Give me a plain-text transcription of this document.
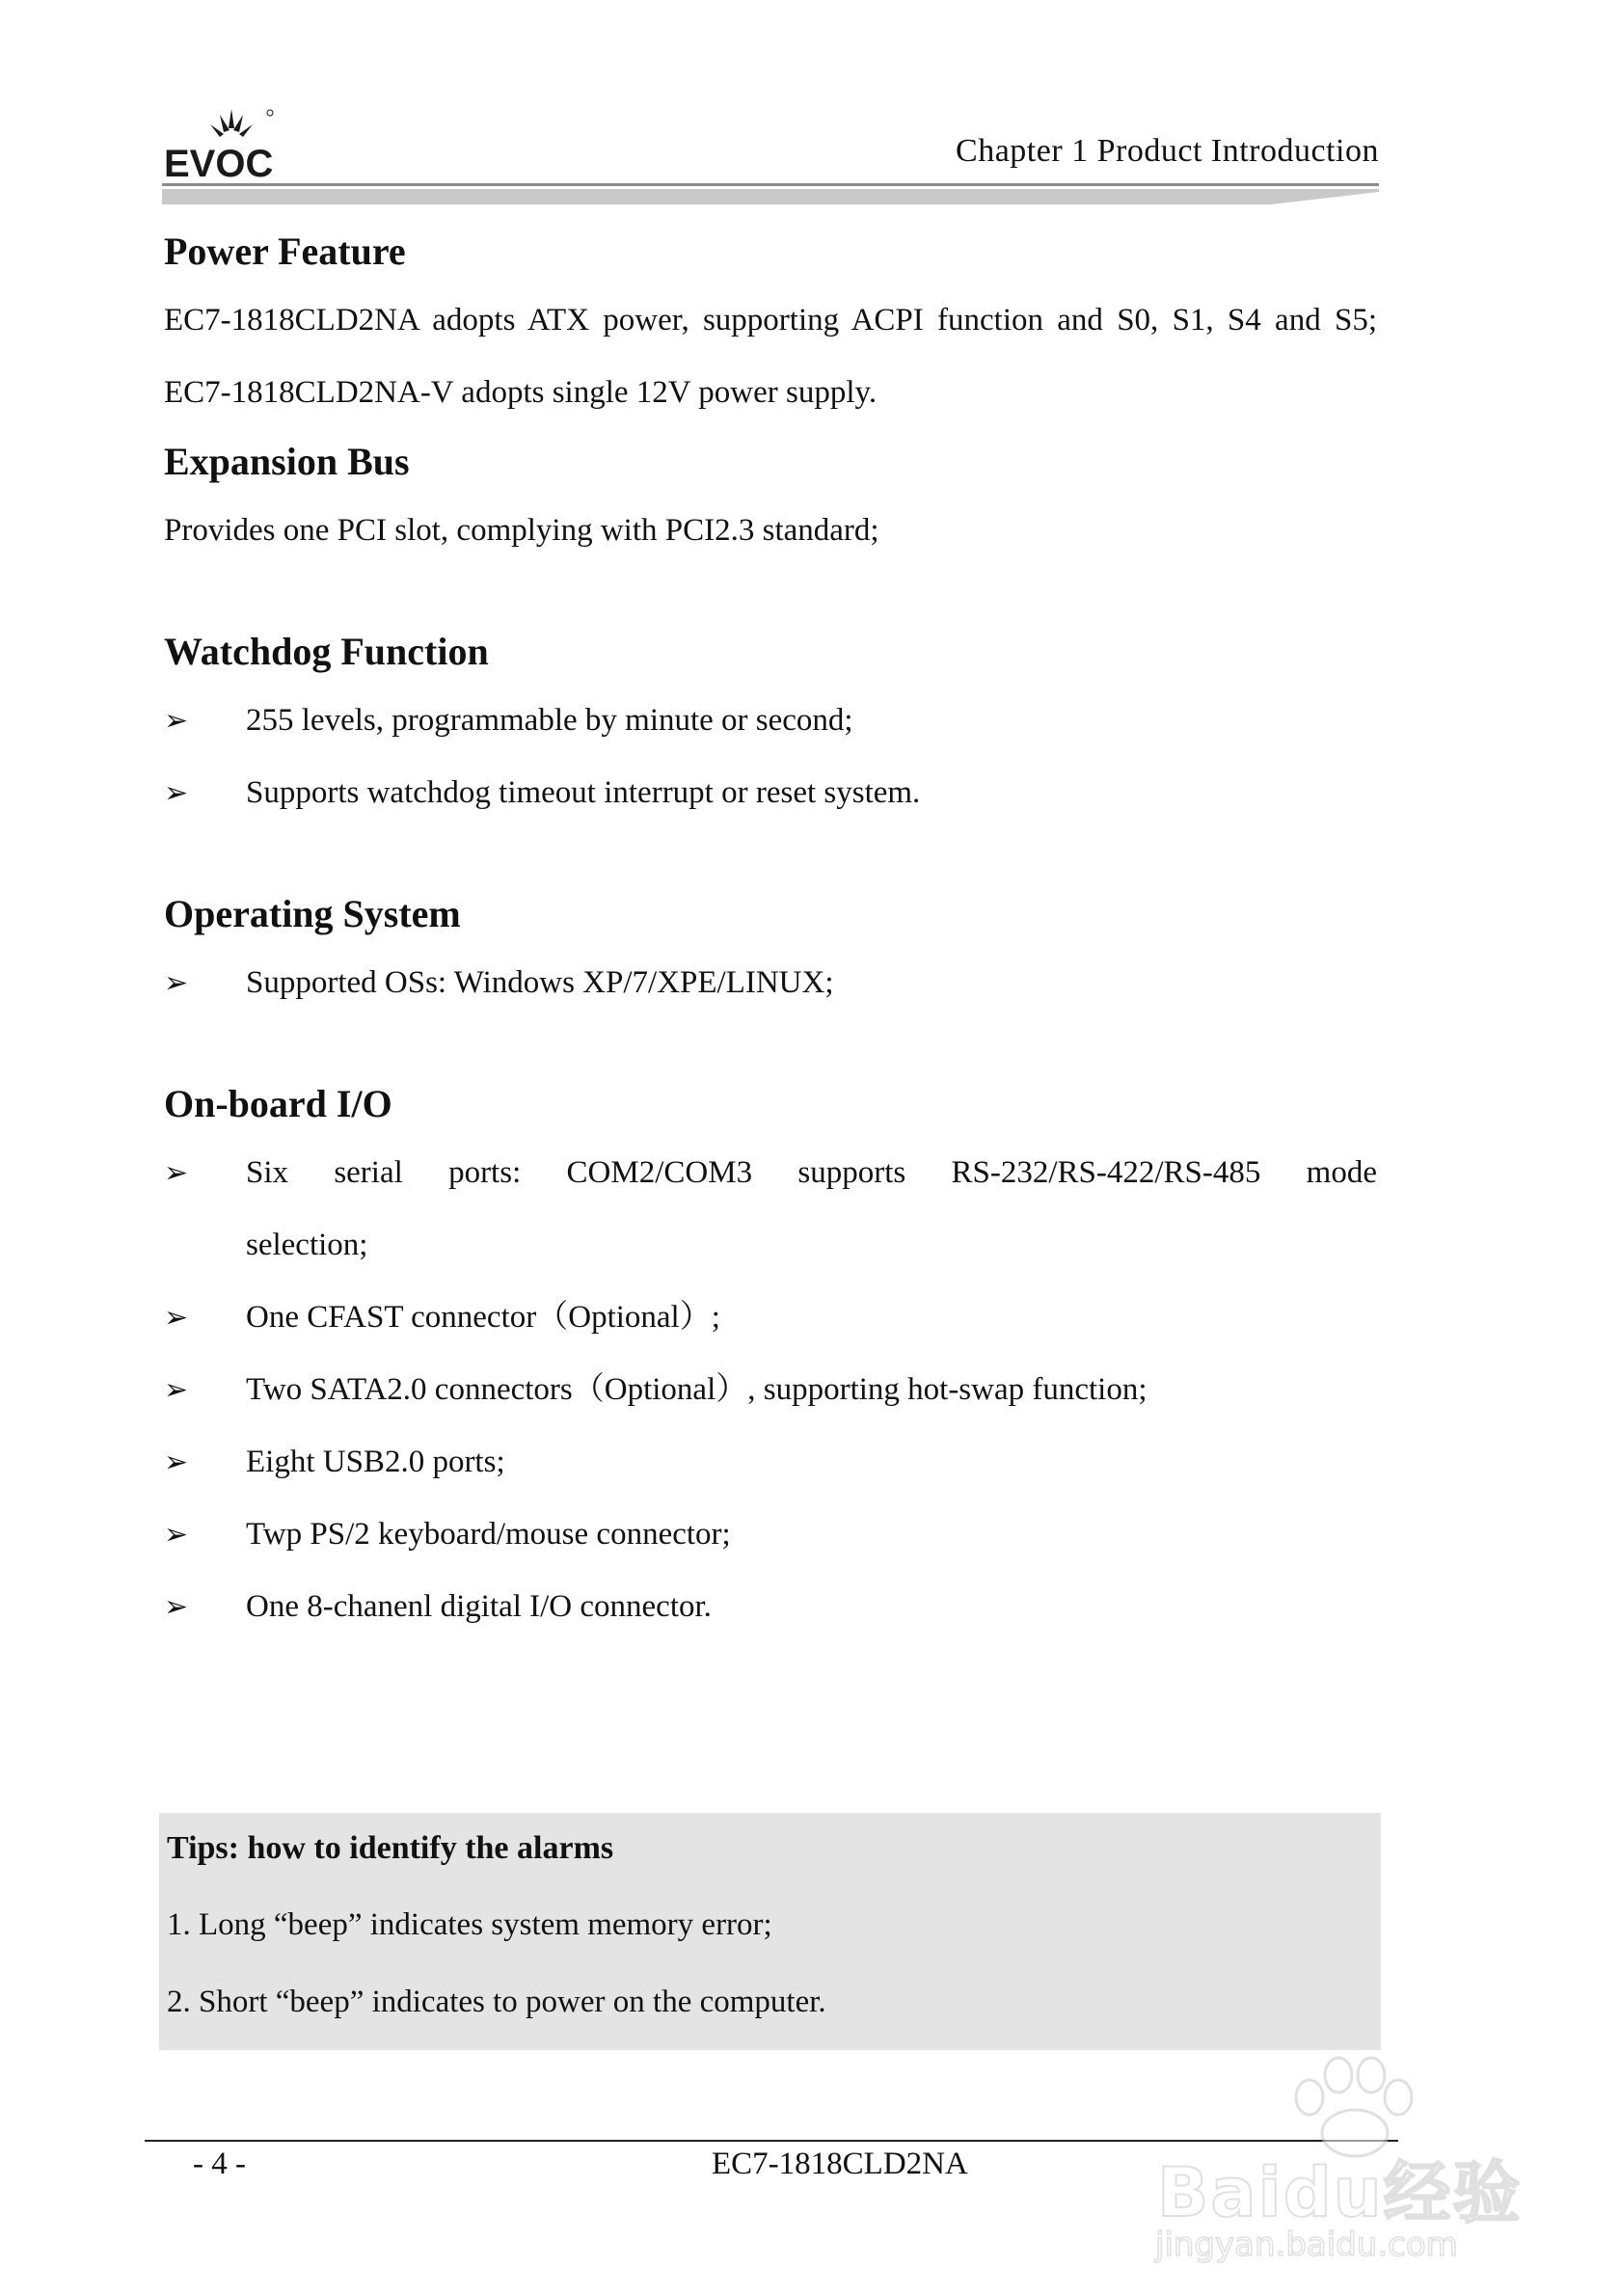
EVOC	Chapter 1 Product Introduction
Power Feature

EC7-1818CLD2NA adopts ATX power, supporting ACPI function and S0, S1, S4 and S5; EC7-1818CLD2NA-V adopts single 12V power supply.

Expansion Bus

Provides one PCI slot, complying with PCI2.3 standard;

Watchdog Function
➢	255 levels, programmable by minute or second;
➢	Supports watchdog timeout interrupt or reset system.
Operating System
➢	Supported OSs: Windows XP/7/XPE/LINUX;
On-board I/O
➢	Six serial ports: COM2/COM3 supports RS-232/RS-422/RS-485 mode
selection;
➢	One CFAST connector（Optional）;
➢	Two SATA2.0 connectors（Optional）, supporting hot-swap function;
➢	Eight USB2.0 ports;
➢	Twp PS/2 keyboard/mouse connector;
➢	One 8-chanenl digital I/O connector.
Tips: how to identify the alarms
1. Long “beep” indicates system memory error;
2. Short “beep” indicates to power on the computer.
- 4 -	EC7-1818CLD2NA	Baidu经验
jingyan.baidu.com
